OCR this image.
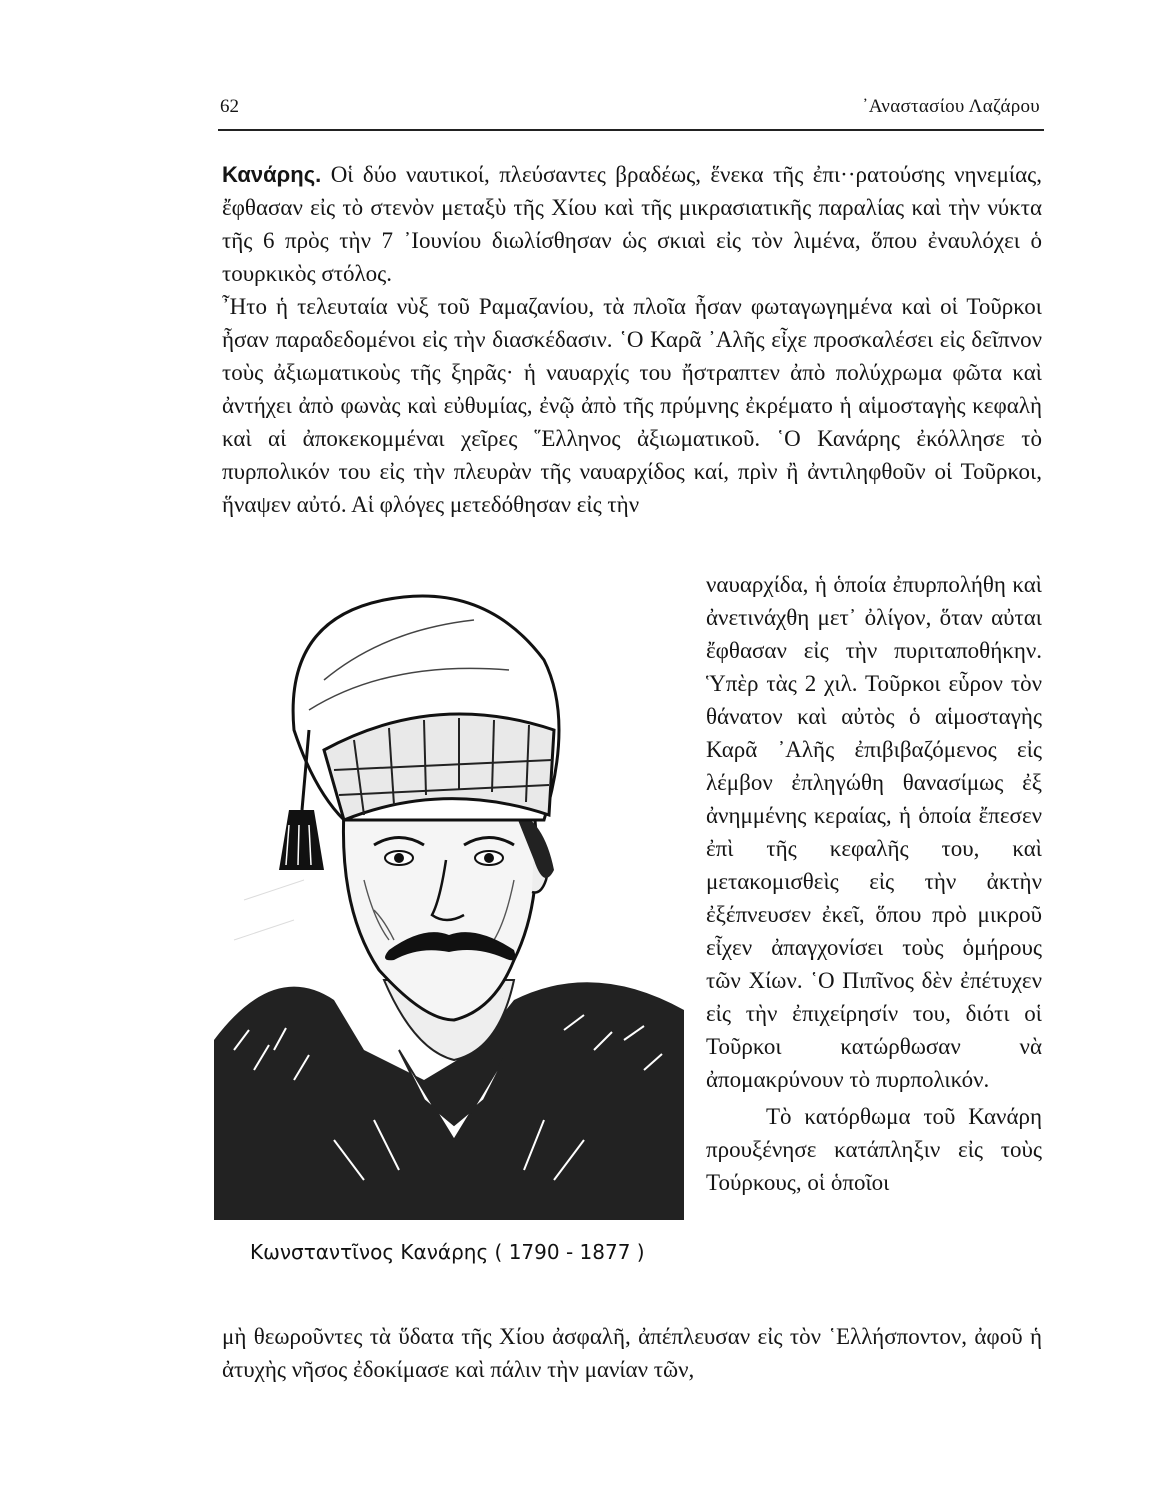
62	᾿Αναστασίου Λαζάρου

Κανάρης. Οἱ δύο ναυτικοί, πλεύσαντες βραδέως, ἕνεκα τῆς ἐπι··ρατούσης νηνεμίας, ἔφθασαν εἰς τὸ στενὸν μεταξὺ τῆς Χίου καὶ τῆς μικρασιατικῆς παραλίας καὶ τὴν νύκτα τῆς 6 πρὸς τὴν 7 ᾿Ιουνίου διωλίσθησαν ὡς σκιαὶ εἰς τὸν λιμένα, ὅπου ἐναυλόχει ὁ τουρκικὸς στόλος.

῏Ητο ἡ τελευταία νὺξ τοῦ Ραμαζανίου, τὰ πλοῖα ἦσαν φωταγωγημένα καὶ οἱ Τοῦρκοι ἦσαν παραδεδομένοι εἰς τὴν διασκέδασιν. ῾Ο Καρᾶ ᾿Αλῆς εἶχε προσκαλέσει εἰς δεῖπνον τοὺς ἀξιωματικοὺς τῆς ξηρᾶς· ἡ ναυαρχίς του ἤστραπτεν ἀπὸ πολύχρωμα φῶτα καὶ ἀντήχει ἀπὸ φωνὰς καὶ εὐθυμίας, ἐνῷ ἀπὸ τῆς πρύμνης ἐκρέματο ἡ αἱμοσταγὴς κεφαλὴ καὶ αἱ ἀποκεκομμέναι χεῖρες ῞Ελληνος ἀξιωματικοῦ. ῾Ο Κανάρης ἐκόλλησε τὸ πυρπολικόν του εἰς τὴν πλευρὰν τῆς ναυαρχίδος καί, πρὶν ἢ ἀντιληφθοῦν οἱ Τοῦρκοι, ἥναψεν αὐτό. Αἱ φλόγες μετεδόθησαν εἰς τὴν

ναυαρχίδα, ἡ ὁποία ἐπυρπολήθη καὶ ἀνετινάχθη μετ᾿ ὀλίγον, ὅταν αὐται ἔφθασαν εἰς τὴν πυριταποθήκην. Ὑπὲρ τὰς 2 χιλ. Τοῦρκοι εὗρον τὸν θάνατον καὶ αὐτὸς ὁ αἱμοσταγὴς Καρᾶ ᾿Αλῆς ἐπιβιβαζόμενος εἰς λέμβον ἐπληγώθη θανασίμως ἐξ ἀνημμένης κεραίας, ἡ ὁποία ἔπεσεν ἐπὶ τῆς κεφαλῆς του, καὶ μετακομισθεὶς εἰς τὴν ἀκτὴν ἐξέπνευσεν ἐκεῖ, ὅπου πρὸ μικροῦ εἶχεν ἀπαγχονίσει τοὺς ὁμήρους τῶν Χίων. ῾Ο Πιπῖνος δὲν ἐπέτυχεν εἰς τὴν ἐπιχείρησίν του, διότι οἱ Τοῦρκοι κατώρθωσαν νὰ ἀπομακρύνουν τὸ πυρπολικόν.

Τὸ κατόρθωμα τοῦ Κανάρη προυξένησε κατάπληξιν εἰς τοὺς Τούρκους, οἱ ὁποῖοι

Κωνσταντῖνος Κανάρης ( 1790 - 1877 )

μὴ θεωροῦντες τὰ ὕδατα τῆς Χίου ἀσφαλῆ, ἀπέπλευσαν εἰς τὸν ῾Ελλήσποντον, ἀφοῦ ἡ ἀτυχὴς νῆσος ἐδοκίμασε καὶ πάλιν τὴν μανίαν τῶν,
